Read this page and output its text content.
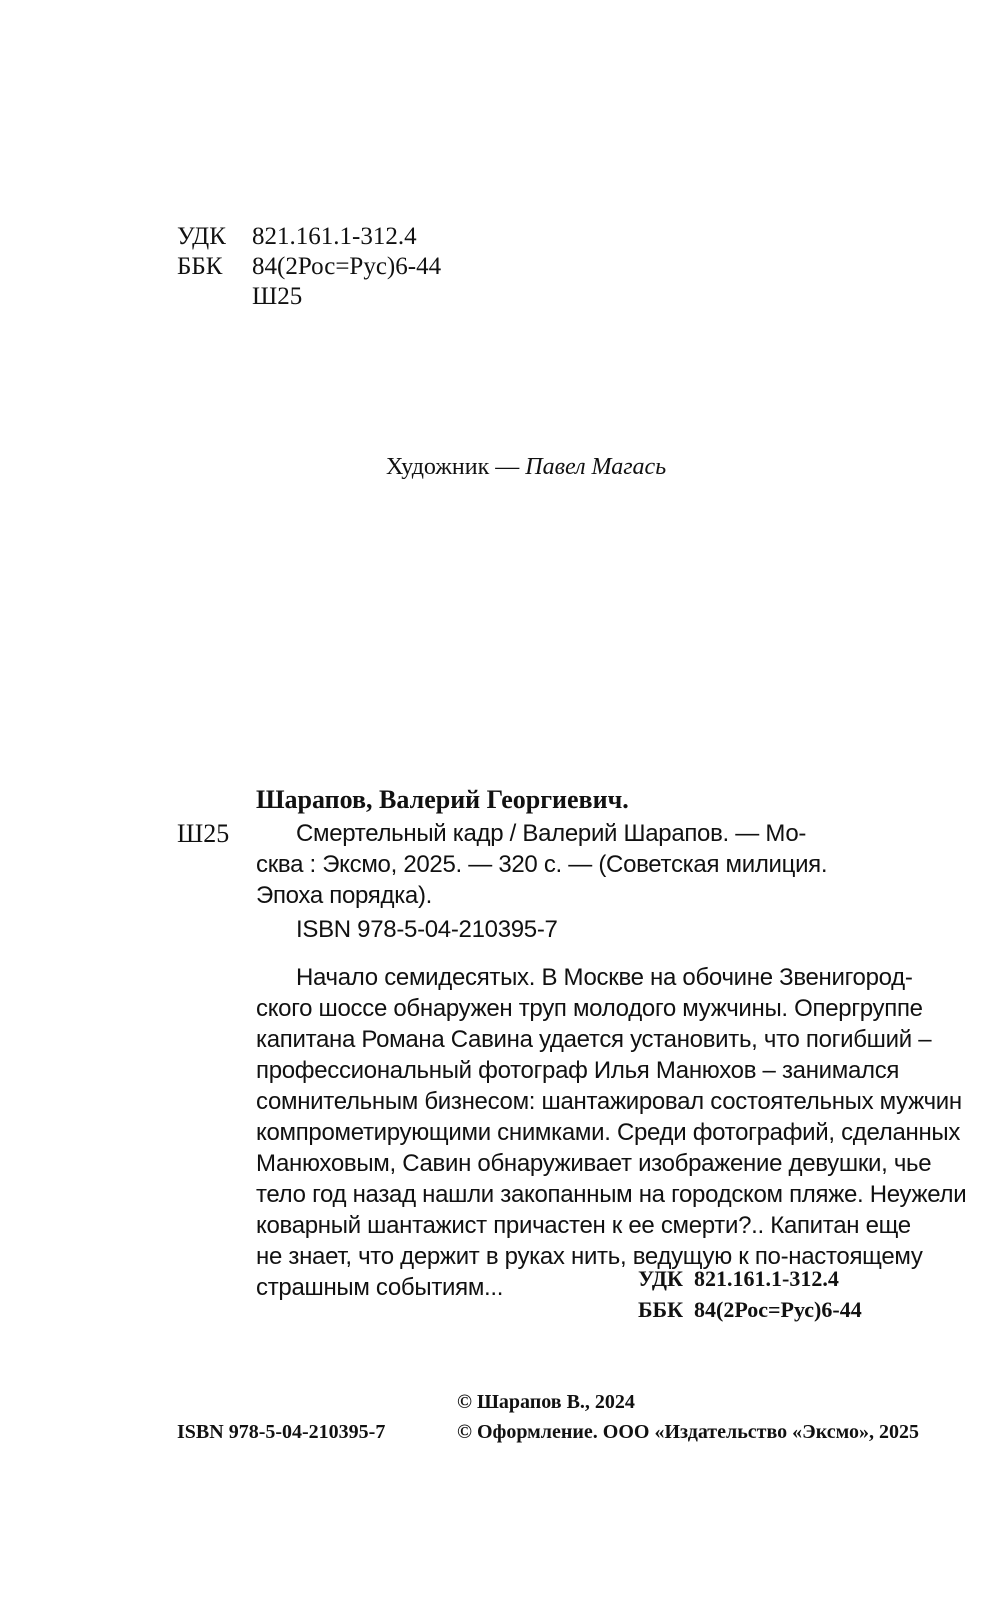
УДК	821.161.1-312.4
ББК	84(2Рос=Рус)6-44
Ш25
Художник — Павел Магась
Шарапов, Валерий Георгиевич.
Ш25	Смертельный кадр / Валерий Шарапов. — Мо-
сква : Эксмо, 2025. — 320 с. — (Советская милиция.
Эпоха порядка).
ISBN 978-5-04-210395-7
Начало семидесятых. В Москве на обочине Звенигород-
ского шоссе обнаружен труп молодого мужчины. Опергруппе
капитана Романа Савина удается установить, что погибший –
профессиональный фотограф Илья Манюхов – занимался
сомнительным бизнесом: шантажировал состоятельных мужчин
компрометирующими снимками. Среди фотографий, сделанных
Манюховым, Савин обнаруживает изображение девушки, чье
тело год назад нашли закопанным на городском пляже. Неужели
коварный шантажист причастен к ее смерти?.. Капитан еще
не знает, что держит в руках нить, ведущую к по-настоящему
страшным событиям...	УДК 821.161.1-312.4
ББК 84(2Рос=Рус)6-44
© Шарапов В., 2024
© Оформление. ООО «Издательство «Эксмо», 2025
ISBN 978-5-04-210395-7
